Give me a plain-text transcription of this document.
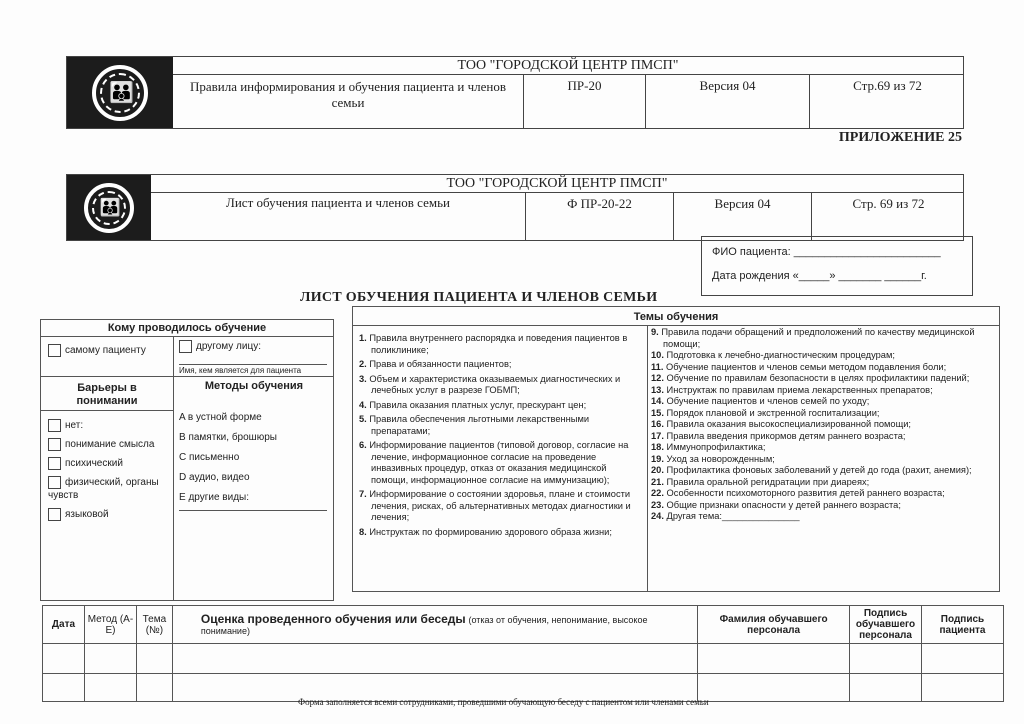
👪
ТОО "ГОРОДСКОЙ ЦЕНТР ПМСП"
Правила информирования и обучения пациента и членов семьи
ПР-20	Версия 04	Стр.69 из 72
ПРИЛОЖЕНИЕ 25
👪
ТОО "ГОРОДСКОЙ ЦЕНТР ПМСП"
Лист обучения пациента и членов семьи	Ф ПР-20-22	Версия 04	Стр. 69 из 72
ФИО пациента: ________________________
Дата рождения «_____» _______ ______г.
ЛИСТ ОБУЧЕНИЯ ПАЦИЕНТА И ЧЛЕНОВ СЕМЬИ
Кому проводилось обучение
самому пациенту	другому лицу:
Имя, кем является для пациента
Барьеры в понимании
Методы обучения
нет:
понимание смысла
психический
физический, органы чувств
языковой
A в устной форме
B памятки, брошюры
C письменно
D аудио, видео
E другие виды:
Темы обучения
1. Правила внутреннего распорядка и поведения пациентов в поликлинике;
2. Права и обязанности пациентов;
3. Объем и характеристика оказываемых диагностических и лечебных услуг в разрезе ГОБМП;
4. Правила оказания платных услуг, прескурант цен;
5. Правила обеспечения льготными лекарственными препаратами;
6. Информирование пациентов (типовой договор, согласие на лечение, информационное согласие на проведение инвазивных процедур, отказ от оказания медицинской помощи, информационное согласие на иммунизацию);
7. Информирование о состоянии здоровья, плане и стоимости лечения, рисках, об альтернативных методах диагностики и лечения;
8. Инструктаж по формированию здорового образа жизни;
9. Правила подачи обращений и предположений по качеству медицинской помощи;
10. Подготовка к лечебно-диагностическим процедурам;
11. Обучение пациентов и членов семьи методом подавления боли;
12. Обучение по правилам безопасности в целях профилактики падений;
13. Инструктаж по правилам приема лекарственных препаратов;
14. Обучение пациентов и членов семей по уходу;
15. Порядок плановой и экстренной госпитализации;
16. Правила оказания высокоспециализированной помощи;
17. Правила введения прикормов детям раннего возраста;
18. Иммунопрофилактика;
19. Уход за новорожденным;
20. Профилактика фоновых заболеваний у детей до года (рахит, анемия);
21. Правила оральной регидратации при диареях;
22. Особенности психомоторного развития детей раннего возраста;
23. Общие признаки опасности у детей раннего возраста;
24. Другая тема:_______________
Дата	Метод (A-E)	Тема (№)	Оценка проведенного обучения или беседы (отказ от обучения, непонимание, высокое понимание)	Фамилия обучавшего персонала	Подпись обучавшего персонала	Подпись пациента

Форма заполняется всеми сотрудниками, проведшими обучающую беседу с пациентом или членами семьи
